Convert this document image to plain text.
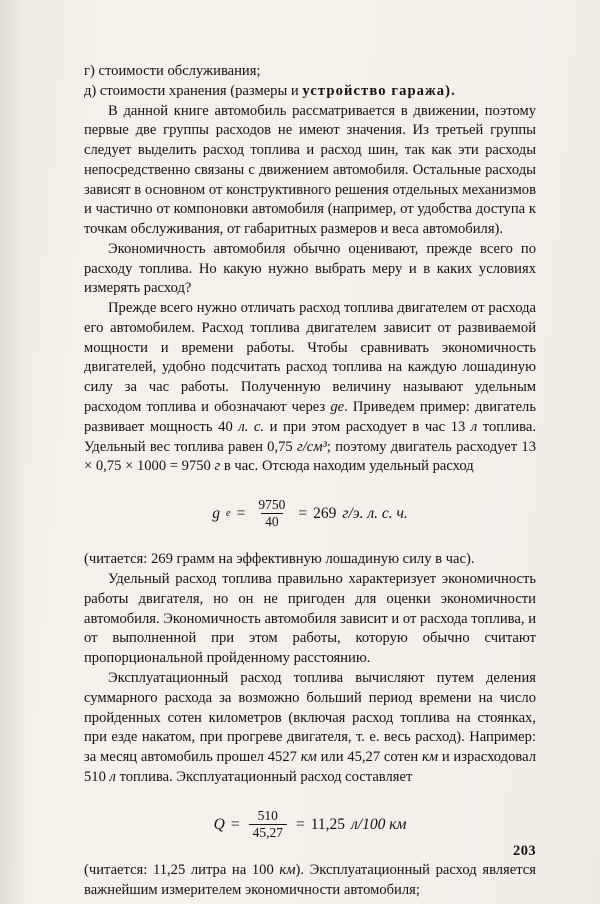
г) стоимости обслуживания;

д) стоимости хранения (размеры и устройство гаража).

В данной книге автомобиль рассматривается в движении, поэтому первые две группы расходов не имеют значения. Из третьей группы следует выделить расход топлива и расход шин, так как эти расходы непосредственно связаны с движением автомобиля. Остальные расходы зависят в основном от конструктивного решения отдельных механизмов и частично от компоновки автомобиля (например, от удобства доступа к точкам обслуживания, от габаритных размеров и веса автомобиля).

Экономичность автомобиля обычно оценивают, прежде всего по расходу топлива. Но какую нужно выбрать меру и в каких условиях измерять расход?

Прежде всего нужно отличать расход топлива двигателем от расхода его автомобилем. Расход топлива двигателем зависит от развиваемой мощности и времени работы. Чтобы сравнивать экономичность двигателей, удобно подсчитать расход топлива на каждую лошадиную силу за час работы. Полученную величину называют удельным расходом топлива и обозначают через gе. Приведем пример: двигатель развивает мощность 40 л. с. и при этом расходует в час 13 л топлива. Удельный вес топлива равен 0,75 г/см³; поэтому двигатель расходует 13 × 0,75 × 1000 = 9750 г в час. Отсюда находим удельный расход

g $е = \frac{9750}{40} = 269$ г/э. л. с. ч.

(читается: 269 грамм на эффективную лошадиную силу в час).

Удельный расход топлива правильно характеризует экономичность работы двигателя, но он не пригоден для оценки экономичности автомобиля. Экономичность автомобиля зависит и от расхода топлива, и от выполненной при этом работы, которую обычно считают пропорциональной пройденному расстоянию.

Эксплуатационный расход топлива вычисляют путем деления суммарного расхода за возможно больший период времени на число пройденных сотен километров (включая расход топлива на стоянках, при езде накатом, при прогреве двигателя, т. е. весь расход). Например: за месяц автомобиль прошел 4527 км или 45,27 сотен км и израсходовал 510 л топлива. Эксплуатационный расход составляет

$Q = \frac{510}{45,27} = 11,25$ л/100 км

(читается: 11,25 литра на 100 км). Эксплуатационный расход является важнейшим измерителем экономичности автомобиля;

203
